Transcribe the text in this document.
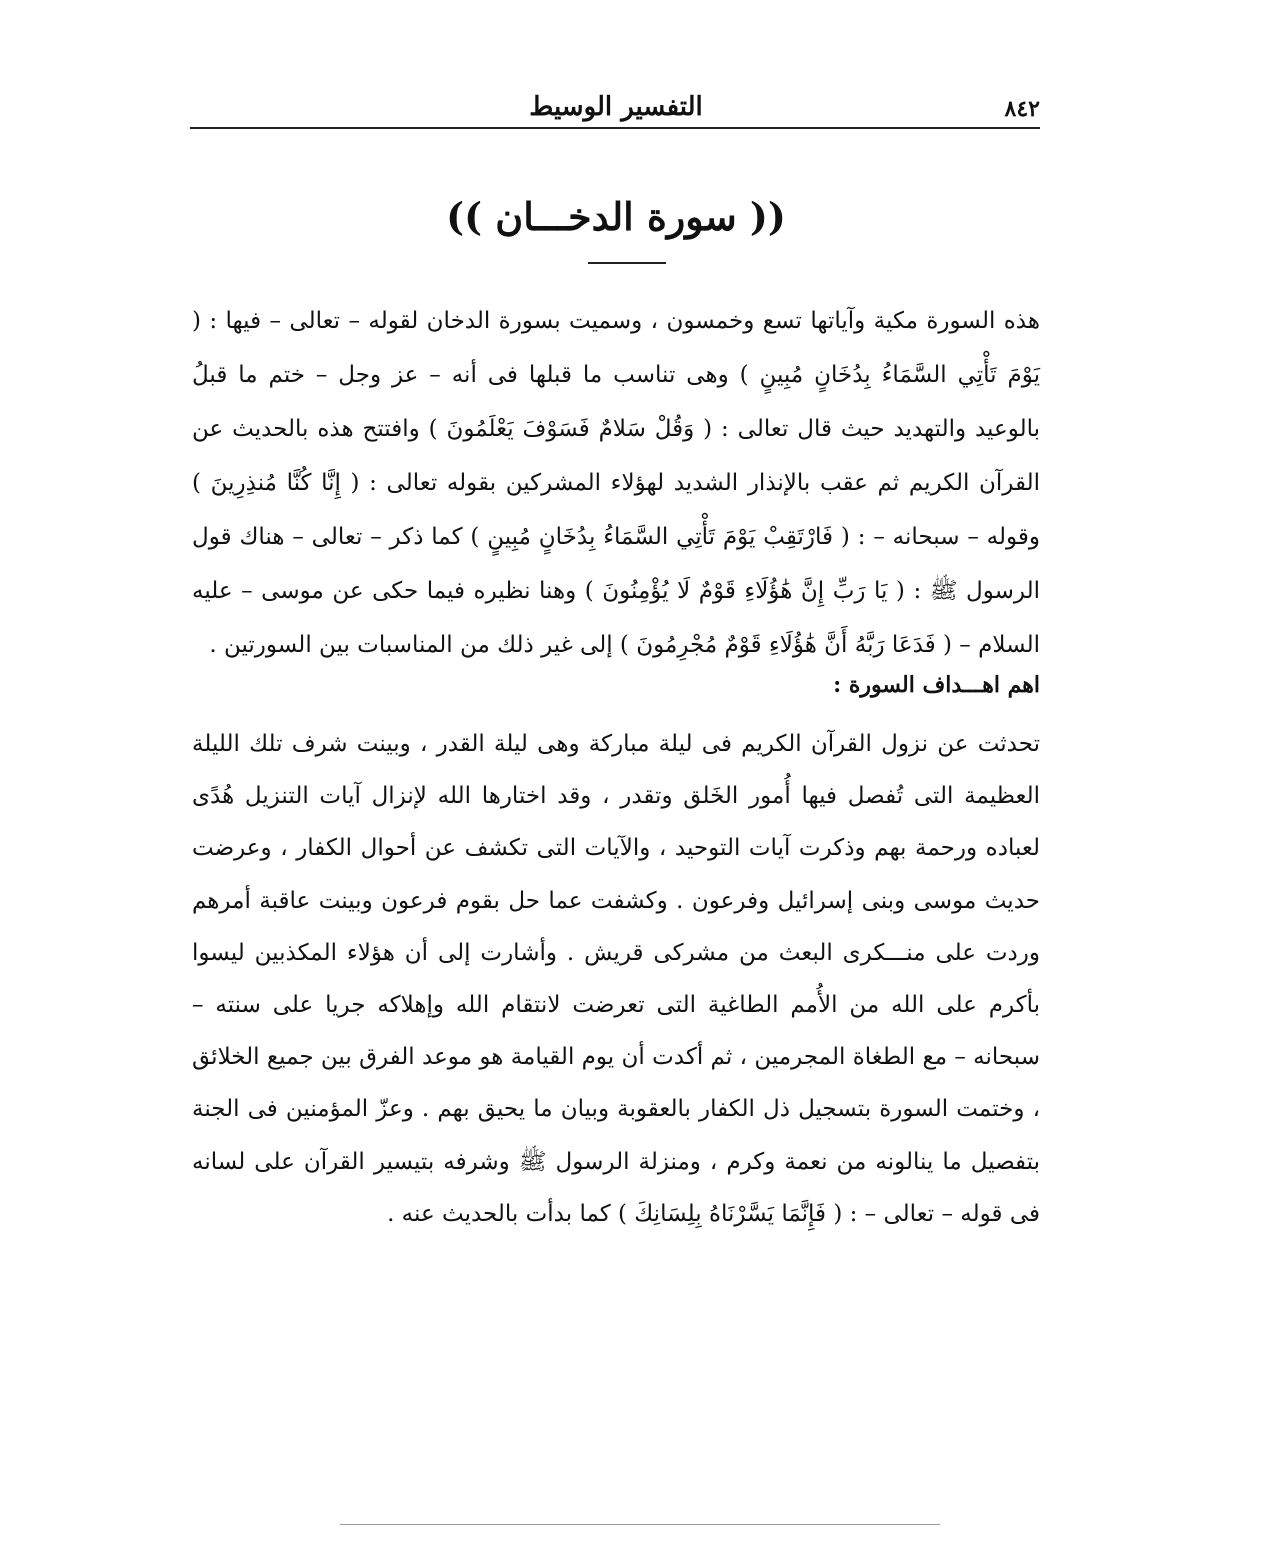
٨٤٢
التفسير الوسيط
(( سورة الدخـــان ))

هذه السورة مكية وآياتها تسع وخمسون ، وسميت بسورة الدخان لقوله – تعالى – فيها : ( يَوْمَ تَأْتِي السَّمَاءُ بِدُخَانٍ مُبِينٍ ) وهى تناسب ما قبلها فى أنه – عز وجل – ختم ما قبلُ بالوعيد والتهديد حيث قال تعالى : ( وَقُلْ سَلامٌ فَسَوْفَ يَعْلَمُونَ ) وافتتح هذه بالحديث عن القرآن الكريم ثم عقب بالإنذار الشديد لهؤلاء المشركين بقوله تعالى : ( إِنَّا كُنَّا مُنذِرِينَ ) وقوله – سبحانه – : ( فَارْتَقِبْ يَوْمَ تَأْتِي السَّمَاءُ بِدُخَانٍ مُبِينٍ ) كما ذكر – تعالى – هناك قول الرسول ﷺ : ( يَا رَبِّ إِنَّ هَٰؤُلَاءِ قَوْمٌ لَا يُؤْمِنُونَ ) وهنا نظيره فيما حكى عن موسى – عليه السلام – ( فَدَعَا رَبَّهُ أَنَّ هَٰؤُلَاءِ قَوْمٌ مُجْرِمُونَ ) إلى غير ذلك من المناسبات بين السورتين .

اهم اهـــداف السورة :

تحدثت عن نزول القرآن الكريم فى ليلة مباركة وهى ليلة القدر ، وبينت شرف تلك الليلة العظيمة التى تُفصل فيها أُمور الخَلق وتقدر ، وقد اختارها الله لإنزال آيات التنزيل هُدًى لعباده ورحمة بهم وذكرت آيات التوحيد ، والآيات التى تكشف عن أحوال الكفار ، وعرضت حديث موسى وبنى إسرائيل وفرعون . وكشفت عما حل بقوم فرعون وبينت عاقبة أمرهم وردت على منـــكرى البعث من مشركى قريش . وأشارت إلى أن هؤلاء المكذبين ليسوا بأكرم على الله من الأُمم الطاغية التى تعرضت لانتقام الله وإهلاكه جريا على سنته – سبحانه – مع الطغاة المجرمين ، ثم أكدت أن يوم القيامة هو موعد الفرق بين جميع الخلائق ، وختمت السورة بتسجيل ذل الكفار بالعقوبة وبيان ما يحيق بهم . وعزّ المؤمنين فى الجنة بتفصيل ما ينالونه من نعمة وكرم ، ومنزلة الرسول ﷺ وشرفه بتيسير القرآن على لسانه فى قوله – تعالى – : ( فَإِنَّمَا يَسَّرْنَاهُ بِلِسَانِكَ ) كما بدأت بالحديث عنه .
